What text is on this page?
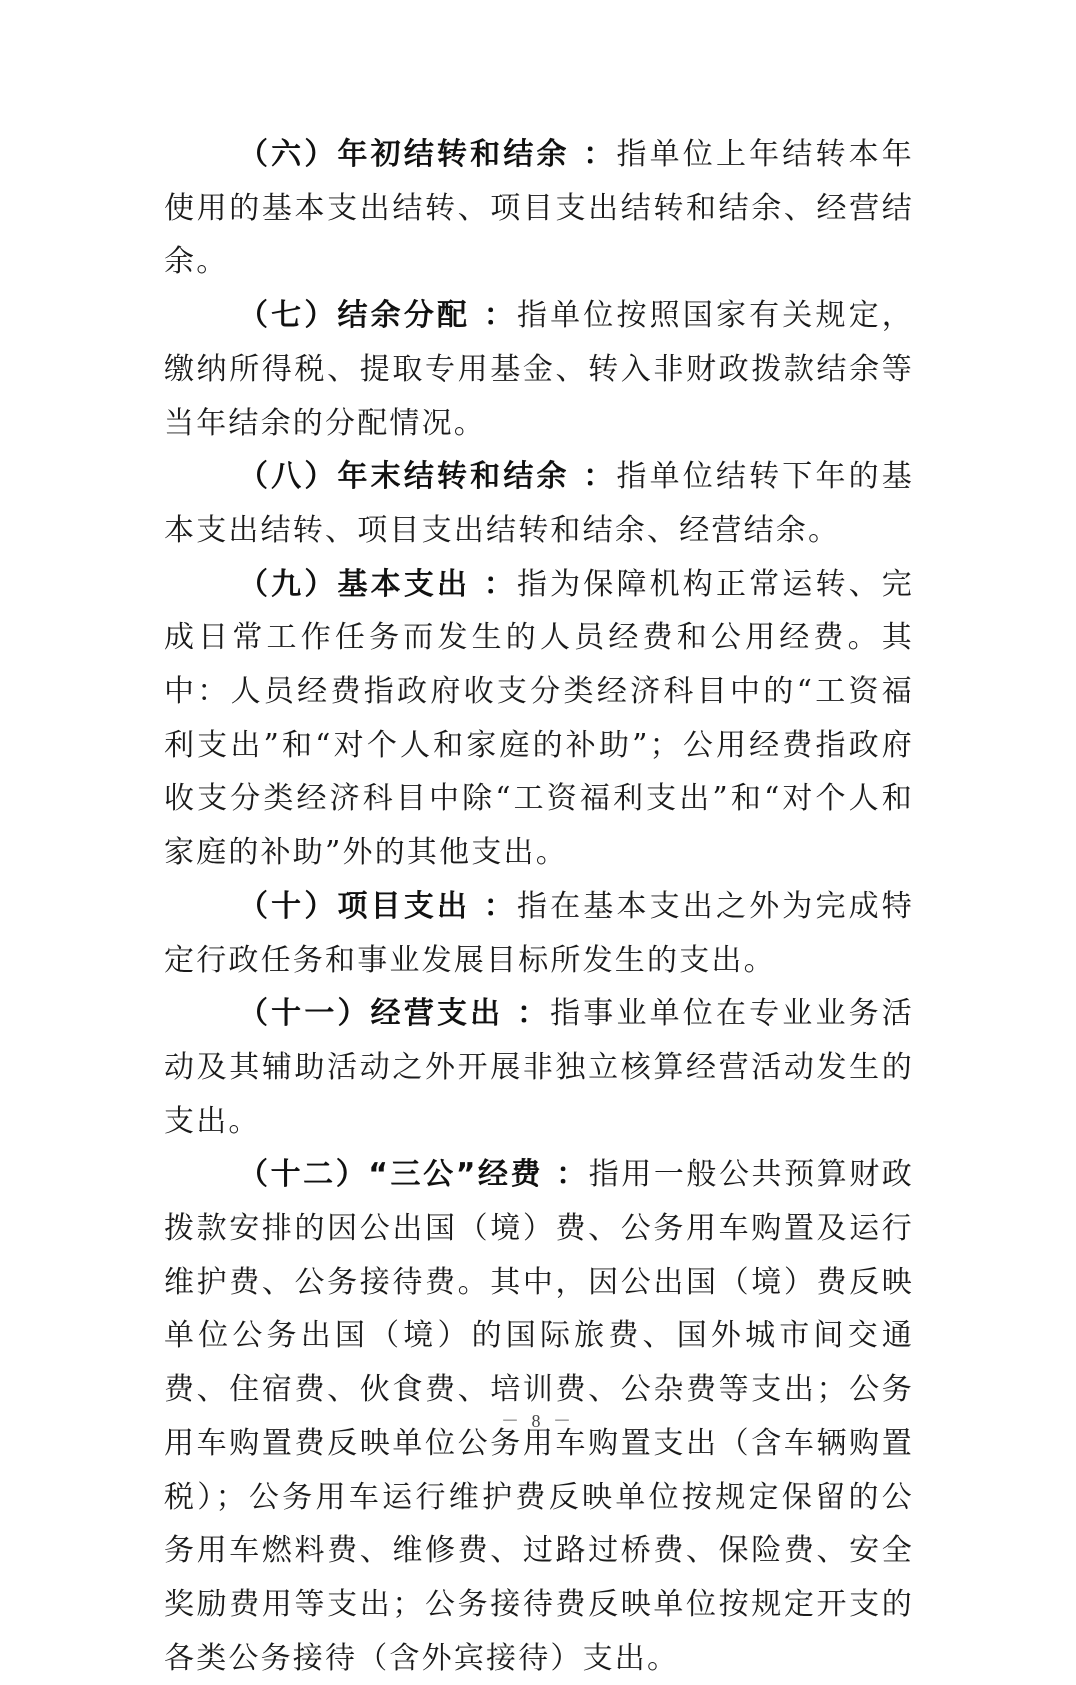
（六）年初结转和结余 ：指单位上年结转本年使用的基本支出结转、项目支出结转和结余、经营结余。

（七）结余分配 ：指单位按照国家有关规定，缴纳所得税、提取专用基金、转入非财政拨款结余等当年结余的分配情况。

（八）年末结转和结余 ：指单位结转下年的基本支出结转、项目支出结转和结余、经营结余。

（九）基本支出 ：指为保障机构正常运转、完成日常工作任务而发生的人员经费和公用经费。其中：人员经费指政府收支分类经济科目中的“工资福利支出”和“对个人和家庭的补助”；公用经费指政府收支分类经济科目中除“工资福利支出”和“对个人和家庭的补助”外的其他支出。

（十）项目支出 ：指在基本支出之外为完成特定行政任务和事业发展目标所发生的支出。

（十一）经营支出 ：指事业单位在专业业务活动及其辅助活动之外开展非独立核算经营活动发生的支出。

（十二）“三公”经费 ：指用一般公共预算财政拨款安排的因公出国（境）费、公务用车购置及运行维护费、公务接待费。其中，因公出国（境）费反映单位公务出国（境）的国际旅费、国外城市间交通费、住宿费、伙食费、培训费、公杂费等支出；公务用车购置费反映单位公务用车购置支出（含车辆购置税）；公务用车运行维护费反映单位按规定保留的公务用车燃料费、维修费、过路过桥费、保险费、安全奖励费用等支出；公务接待费反映单位按规定开支的各类公务接待（含外宾接待）支出。

－ 8 －
